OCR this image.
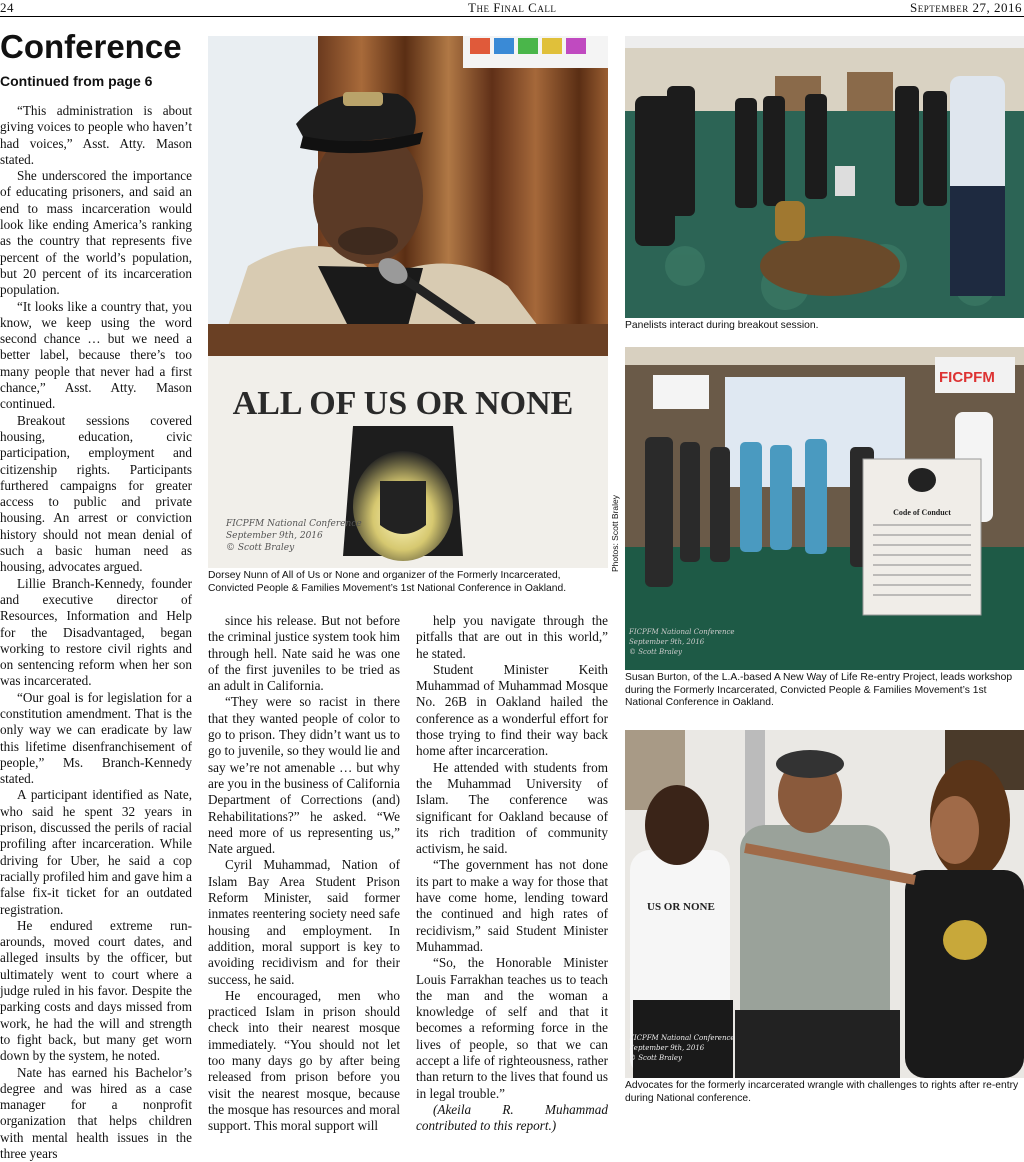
24	The Final Call	September 27, 2016
Conference
Continued from page 6

“This administration is about giving voices to people who haven’t had voices,” Asst. Atty. Mason stated.

She underscored the importance of educating prisoners, and said an end to mass incarceration would look like ending America’s ranking as the country that represents five percent of the world’s population, but 20 percent of its incarceration population.

“It looks like a country that, you know, we keep using the word second chance … but we need a better label, because there’s too many people that never had a first chance,” Asst. Atty. Mason continued.

Breakout sessions covered housing, education, civic participation, employment and citizenship rights. Participants furthered campaigns for greater access to public and private housing. An arrest or conviction history should not mean denial of such a basic human need as housing, advocates argued.

Lillie Branch-Kennedy, founder and executive director of Resources, Information and Help for the Disadvantaged, began working to restore civil rights and on sentencing reform when her son was incarcerated.

“Our goal is for legislation for a constitution amendment. That is the only way we can eradicate by law this lifetime disenfranchisement of people,” Ms. Branch-Kennedy stated.

A participant identified as Nate, who said he spent 32 years in prison, discussed the perils of racial profiling after incarceration. While driving for Uber, he said a cop racially profiled him and gave him a false fix-it ticket for an outdated registration.

He endured extreme run-arounds, moved court dates, and alleged insults by the officer, but ultimately went to court where a judge ruled in his favor. Despite the parking costs and days missed from work, he had the will and strength to fight back, but many get worn down by the system, he noted.

Nate has earned his Bachelor’s degree and was hired as a case manager for a nonprofit organization that helps children with mental health issues in the three years

ALL OF US OR NONE
FICPFM National Conference
September 9th, 2016
© Scott Braley
Dorsey Nunn of All of Us or None and organizer of the Formerly Incarcerated, Convicted People & Families Movement’s 1st National Conference in Oakland.
Photos: Scott Braley

since his release. But not before the criminal justice system took him through hell. Nate said he was one of the first juveniles to be tried as an adult in California.

“They were so racist in there that they wanted people of color to go to prison. They didn’t want us to go to juvenile, so they would lie and say we’re not amenable … but why are you in the business of California Department of Corrections (and) Rehabilitations?” he asked. “We need more of us representing us,” Nate argued.

Cyril Muhammad, Nation of Islam Bay Area Student Prison Reform Minister, said former inmates reentering society need safe housing and employment. In addition, moral support is key to avoiding recidivism and for their success, he said.

He encouraged, men who practiced Islam in prison should check into their nearest mosque immediately. “You should not let too many days go by after being released from prison before you visit the nearest mosque, because the mosque has resources and moral support. This moral support will

help you navigate through the pitfalls that are out in this world,” he stated.

Student Minister Keith Muhammad of Muhammad Mosque No. 26B in Oakland hailed the conference as a wonderful effort for those trying to find their way back home after incarceration.

He attended with students from the Muhammad University of Islam. The conference was significant for Oakland because of its rich tradition of community activism, he said.

“The government has not done its part to make a way for those that have come home, lending toward the continued and high rates of recidivism,” said Student Minister Muhammad.

“So, the Honorable Minister Louis Farrakhan teaches us to teach the man and the woman a knowledge of self and that it becomes a reforming force in the lives of people, so that we can accept a life of righteousness, rather than return to the lives that found us in legal trouble.”

(Akeila R. Muhammad contributed to this report.)

Panelists interact during breakout session.
FICPFM
Code of Conduct
FICPFM National Conference
September 9th, 2016
© Scott Braley
Susan Burton, of the L.A.-based A New Way of Life Re-entry Project, leads workshop during the Formerly Incarcerated, Convicted People & Families Movement’s 1st National Conference in Oakland.
US OR NONE
FICPFM National Conference
September 9th, 2016
© Scott Braley
Advocates for the formerly incarcerated wrangle with challenges to rights after re-entry during National conference.
